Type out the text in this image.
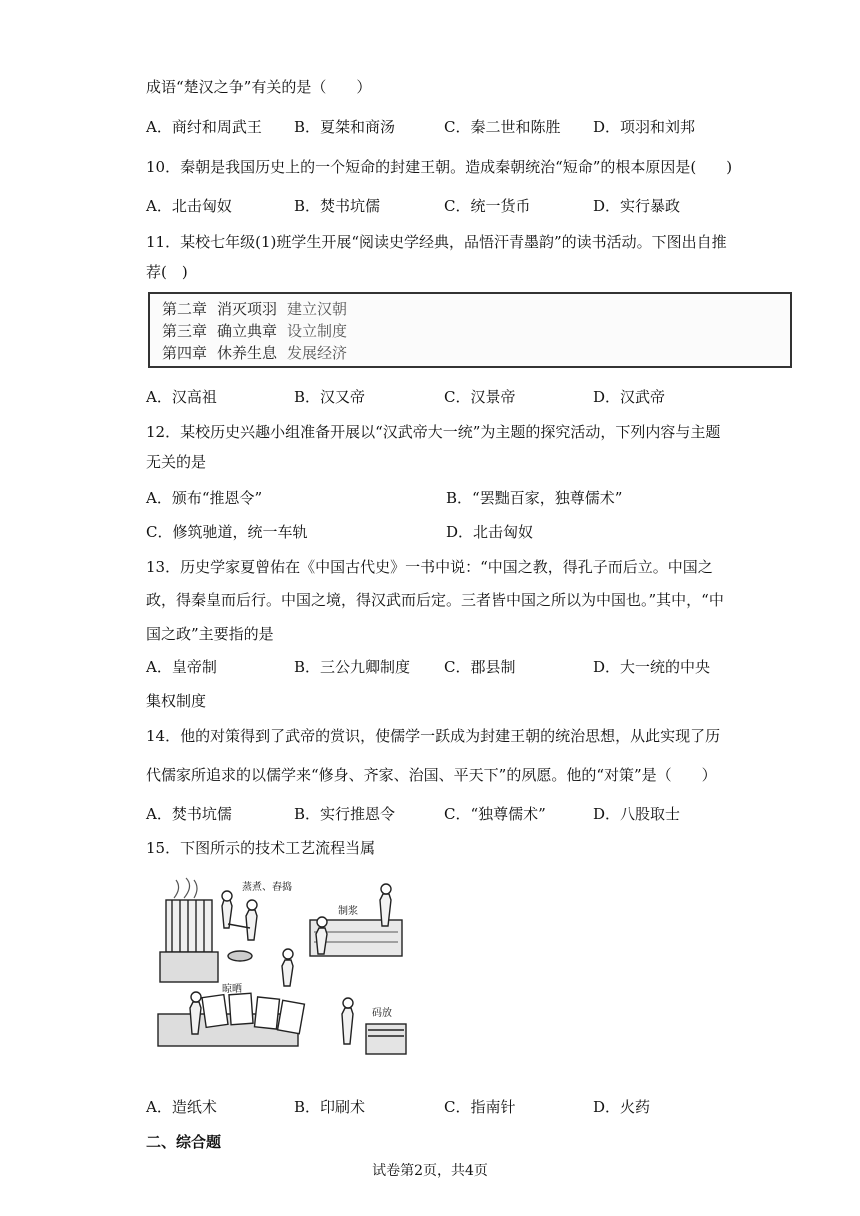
成语“楚汉之争”有关的是（　　）
A．商纣和周武王 B．夏桀和商汤	C．秦二世和陈胜 D．项羽和刘邦
10．秦朝是我国历史上的一个短命的封建王朝。造成秦朝统治“短命”的根本原因是(　　)
A．北击匈奴	B．焚书坑儒	C．统一货币	D．实行暴政
11．某校七年级(1)班学生开展“阅读史学经典，品悟汗青墨韵”的读书活动。下图出自推
荐(　)
第二章 消灭项羽 建立汉朝
第三章 确立典章 设立制度
第四章 休养生息 发展经济
A．汉高祖	B．汉又帝	C．汉景帝	D．汉武帝
12．某校历史兴趣小组准备开展以“汉武帝大一统”为主题的探究活动，下列内容与主题
无关的是
A．颁布“推恩令”	B．“罢黜百家，独尊儒术”
C．修筑驰道，统一车轨	D．北击匈奴
13．历史学家夏曾佑在《中国古代史》一书中说：“中国之教，得孔子而后立。中国之
政，得秦皇而后行。中国之境，得汉武而后定。三者皆中国之所以为中国也。”其中，“中
国之政”主要指的是
A．皇帝制	B．三公九卿制度 C．郡县制	D．大一统的中央
集权制度
14．他的对策得到了武帝的赏识，使儒学一跃成为封建王朝的统治思想，从此实现了历
代儒家所追求的以儒学来“修身、齐家、治国、平天下”的夙愿。他的“对策”是（　　）
A．焚书坑儒	B．实行推恩令	C．“独尊儒术”	D．八股取士
15．下图所示的技术工艺流程当属
蒸煮、舂捣
制浆
晾晒
码放
A．造纸术	B．印刷术	C．指南针	D．火药
二、综合题
试卷第2页，共4页
